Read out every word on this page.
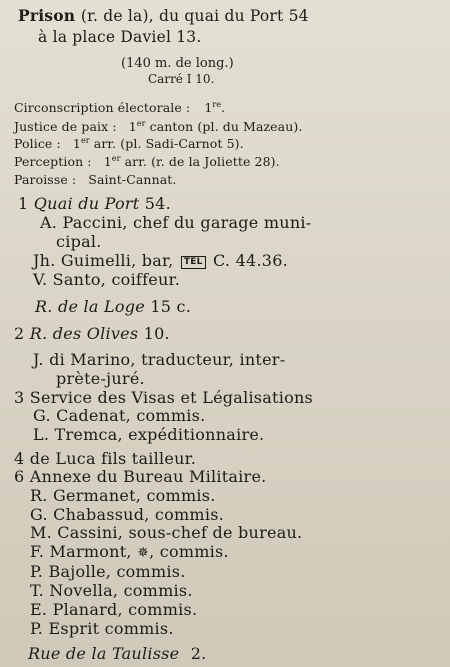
Prison (r. de la), du quai du Port 54
à la place Daviel 13.
(140 m. de long.)
Carré I 10.
Circonscription électorale : 1re.
Justice de paix : 1er canton (pl. du Mazeau).
Police : 1er arr. (pl. Sadi-Carnot 5).
Perception : 1er arr. (r. de la Joliette 28).
Paroisse : Saint-Cannat.
1 Quai du Port 54.
A. Paccini, chef du garage muni-
cipal.
Jh. Guimelli, bar, TEL C. 44.36.
V. Santo, coiffeur.
R. de la Loge 15 c.
2 R. des Olives 10.
J. di Marino, traducteur, inter-
prète-juré.
3 Service des Visas et Légalisations
G. Cadenat, commis.
L. Tremca, expéditionnaire.
4 de Luca fils tailleur.
6 Annexe du Bureau Militaire.
R. Germanet, commis.
G. Chabassud, commis.
M. Cassini, sous-chef de bureau.
F. Marmont, ✵, commis.
P. Bajolle, commis.
T. Novella, commis.
E. Planard, commis.
P. Esprit commis.
Rue de la Taulisse 2.
